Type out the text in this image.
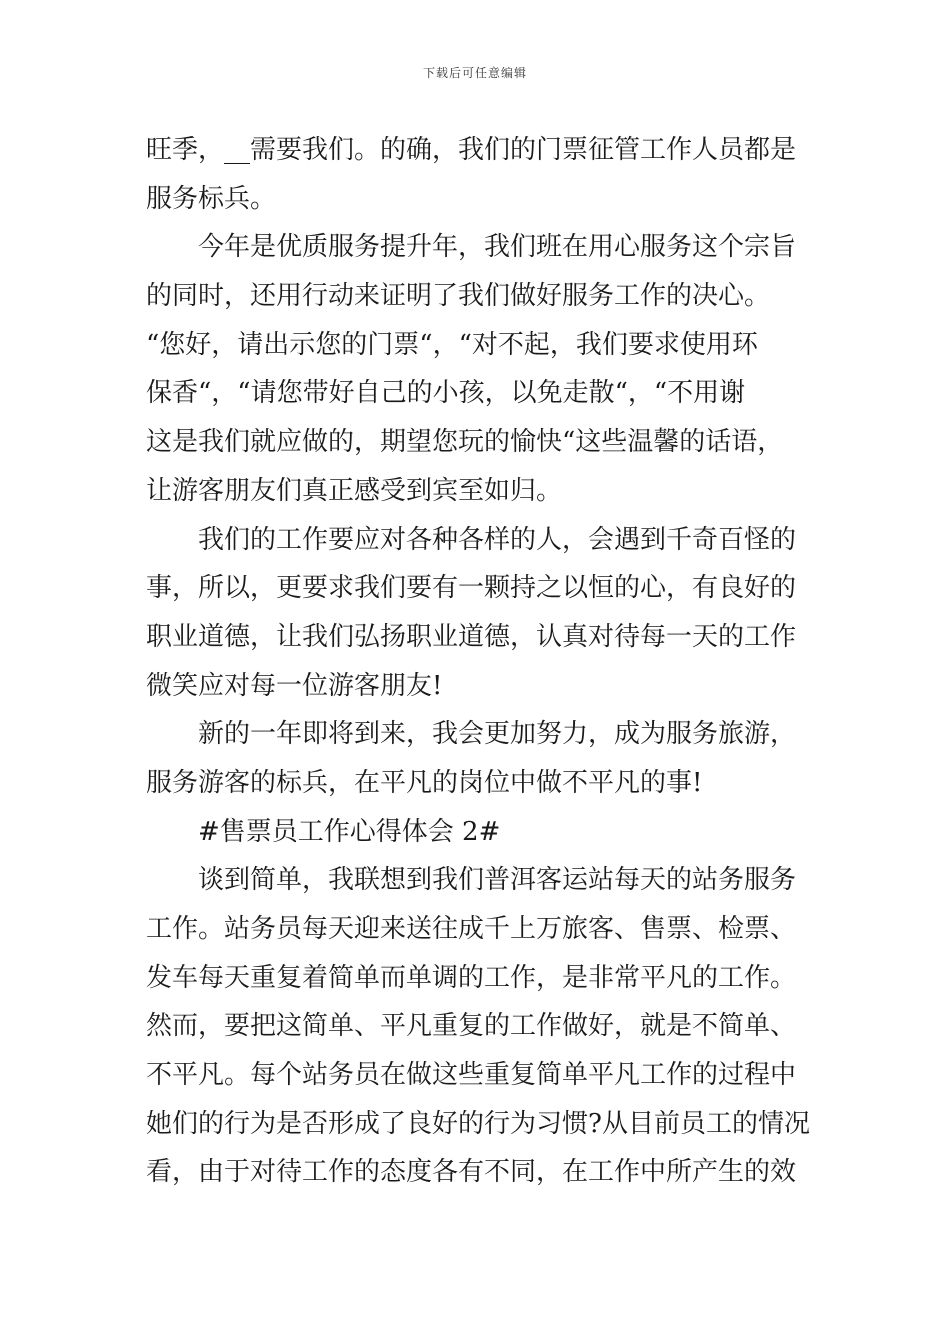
下载后可任意编辑
旺季，__需要我们。的确，我们的门票征管工作人员都是
服务标兵。
今年是优质服务提升年，我们班在用心服务这个宗旨
的同时，还用行动来证明了我们做好服务工作的决心。
“您好，请出示您的门票“，“对不起，我们要求使用环
保香“，“请您带好自己的小孩，以免走散“，“不用谢
这是我们就应做的，期望您玩的愉快“这些温馨的话语，
让游客朋友们真正感受到宾至如归。
我们的工作要应对各种各样的人，会遇到千奇百怪的
事，所以，更要求我们要有一颗持之以恒的心，有良好的
职业道德，让我们弘扬职业道德，认真对待每一天的工作
微笑应对每一位游客朋友!
新的一年即将到来，我会更加努力，成为服务旅游，
服务游客的标兵，在平凡的岗位中做不平凡的事!
#售票员工作心得体会 2#
谈到简单，我联想到我们普洱客运站每天的站务服务
工作。站务员每天迎来送往成千上万旅客、售票、检票、
发车每天重复着简单而单调的工作，是非常平凡的工作。
然而，要把这简单、平凡重复的工作做好，就是不简单、
不平凡。每个站务员在做这些重复简单平凡工作的过程中
她们的行为是否形成了良好的行为习惯?从目前员工的情况
看，由于对待工作的态度各有不同，在工作中所产生的效
